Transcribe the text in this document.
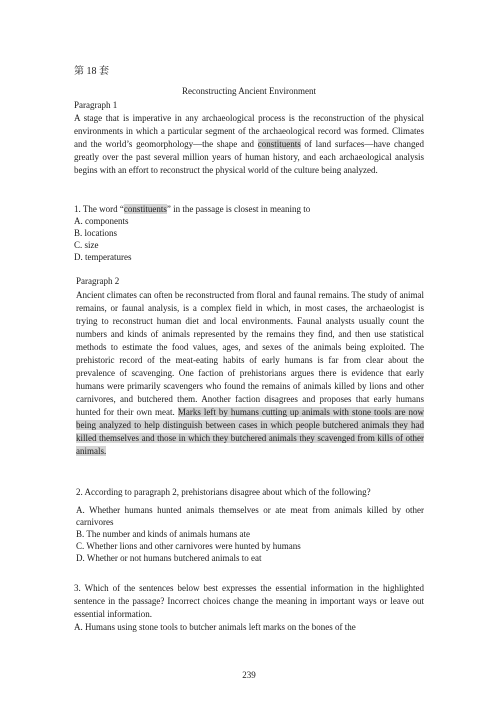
第 18 套
Reconstructing Ancient Environment
Paragraph 1

A stage that is imperative in any archaeological process is the reconstruction of the physical environments in which a particular segment of the archaeological record was formed. Climates and the world’s geomorphology—the shape and constituents of land surfaces—have changed greatly over the past several million years of human history, and each archaeological analysis begins with an effort to reconstruct the physical world of the culture being analyzed.

1. The word “constituents” in the passage is closest in meaning to
A. components
B. locations
C. size
D. temperatures
Paragraph 2

Ancient climates can often be reconstructed from floral and faunal remains. The study of animal remains, or faunal analysis, is a complex field in which, in most cases, the archaeologist is trying to reconstruct human diet and local environments. Faunal analysts usually count the numbers and kinds of animals represented by the remains they find, and then use statistical methods to estimate the food values, ages, and sexes of the animals being exploited. The prehistoric record of the meat-eating habits of early humans is far from clear about the prevalence of scavenging. One faction of prehistorians argues there is evidence that early humans were primarily scavengers who found the remains of animals killed by lions and other carnivores, and butchered them. Another faction disagrees and proposes that early humans hunted for their own meat. Marks left by humans cutting up animals with stone tools are now being analyzed to help distinguish between cases in which people butchered animals they had killed themselves and those in which they butchered animals they scavenged from kills of other animals.

2. According to paragraph 2, prehistorians disagree about which of the following?

A. Whether humans hunted animals themselves or ate meat from animals killed by other carnivores

B. The number and kinds of animals humans ate
C. Whether lions and other carnivores were hunted by humans
D. Whether or not humans butchered animals to eat

3. Which of the sentences below best expresses the essential information in the highlighted sentence in the passage? Incorrect choices change the meaning in important ways or leave out essential information.

A. Humans using stone tools to butcher animals left marks on the bones of the

239
